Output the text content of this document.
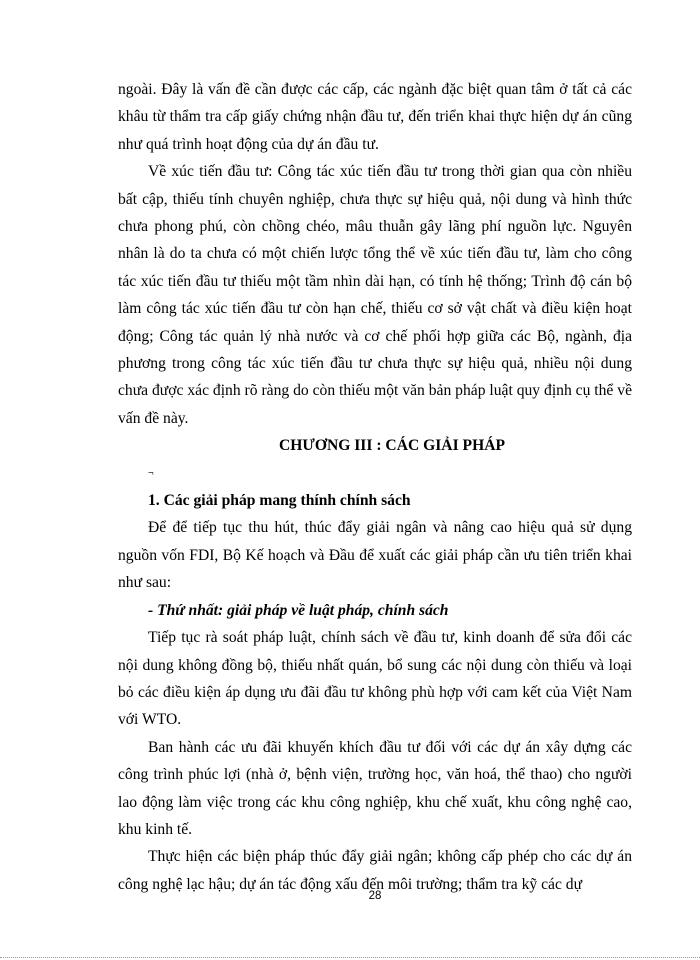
ngoài. Đây là vấn đề cần được các cấp, các ngành đặc biệt quan tâm ở tất cả các khâu từ thẩm tra cấp giấy chứng nhận đầu tư, đến triển khai thực hiện dự án cũng như quá trình hoạt động của dự án đầu tư.

Về xúc tiến đầu tư: Công tác xúc tiến đầu tư trong thời gian qua còn nhiều bất cập, thiếu tính chuyên nghiệp, chưa thực sự hiệu quả, nội dung và hình thức chưa phong phú, còn chồng chéo, mâu thuẫn gây lãng phí nguồn lực. Nguyên nhân là do ta chưa có một chiến lược tổng thể về xúc tiến đầu tư, làm cho công tác xúc tiến đầu tư thiếu một tầm nhìn dài hạn, có tính hệ thống; Trình độ cán bộ làm công tác xúc tiến đầu tư còn hạn chế, thiếu cơ sở vật chất và điều kiện hoạt động; Công tác quản lý nhà nước và cơ chế phối hợp giữa các Bộ, ngành, địa phương trong công tác xúc tiến đầu tư chưa thực sự hiệu quả, nhiều nội dung chưa được xác định rõ ràng do còn thiếu một văn bản pháp luật quy định cụ thể về vấn đề này.

CHƯƠNG III : CÁC GIẢI PHÁP

¬

1. Các giải pháp mang thính chính sách

Để để tiếp tục thu hút, thúc đẩy giải ngân và nâng cao hiệu quả sử dụng nguồn vốn FDI, Bộ Kế hoạch và Đầu để xuất các giải pháp cần ưu tiên triển khai như sau:

- Thứ nhất: giải pháp về luật pháp, chính sách

Tiếp tục rà soát pháp luật, chính sách về đầu tư, kinh doanh để sửa đổi các nội dung không đồng bộ, thiếu nhất quán, bổ sung các nội dung còn thiếu và loại bỏ các điều kiện áp dụng ưu đãi đầu tư không phù hợp với cam kết của Việt Nam với WTO.

Ban hành các ưu đãi khuyến khích đầu tư đối với các dự án xây dựng các công trình phúc lợi (nhà ở, bệnh viện, trường học, văn hoá, thể thao) cho người lao động làm việc trong các khu công nghiệp, khu chế xuất, khu công nghệ cao, khu kinh tế.

Thực hiện các biện pháp thúc đẩy giải ngân; không cấp phép cho các dự án công nghệ lạc hậu; dự án tác động xấu đến môi trường; thẩm tra kỹ các dự

28
